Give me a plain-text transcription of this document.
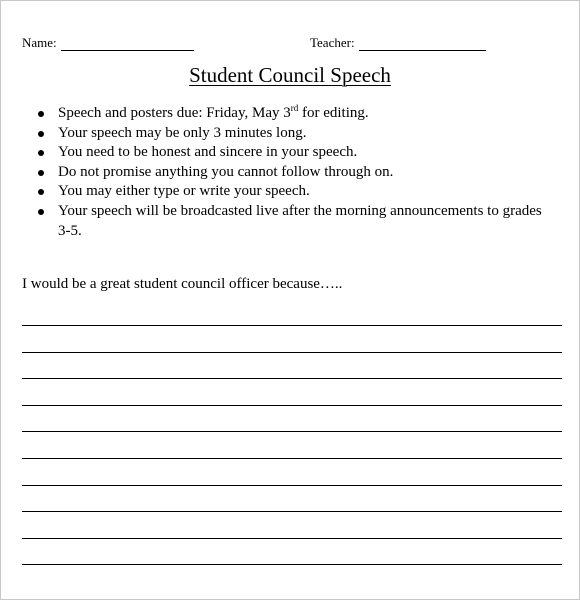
Name:	Teacher:
Student Council Speech
Speech and posters due: Friday, May 3rd for editing.
Your speech may be only 3 minutes long.
You need to be honest and sincere in your speech.
Do not promise anything you cannot follow through on.
You may either type or write your speech.
Your speech will be broadcasted live after the morning announcements to grades 3-5.
I would be a great student council officer because…..
